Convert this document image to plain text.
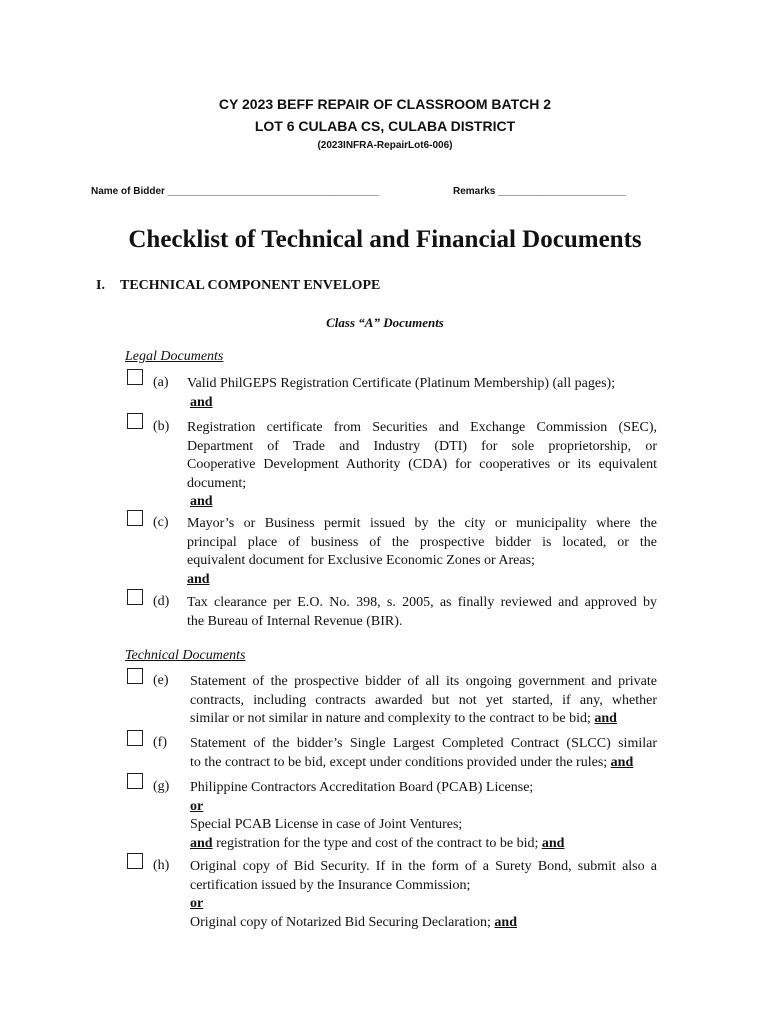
CY 2023 BEFF REPAIR OF CLASSROOM BATCH 2
LOT 6 CULABA CS, CULABA DISTRICT
(2023INFRA-RepairLot6-006)
Name of Bidder ______________________________________	Remarks _______________________
Checklist of Technical and Financial Documents
I. TECHNICAL COMPONENT ENVELOPE
Class “A” Documents
Legal Documents
(a) Valid PhilGEPS Registration Certificate (Platinum Membership) (all pages);
and
(b) Registration certificate from Securities and Exchange Commission (SEC),
Department of Trade and Industry (DTI) for sole proprietorship, or
Cooperative Development Authority (CDA) for cooperatives or its equivalent
document;
and
(c) Mayor’s or Business permit issued by the city or municipality where the
principal place of business of the prospective bidder is located, or the
equivalent document for Exclusive Economic Zones or Areas;
and
(d) Tax clearance per E.O. No. 398, s. 2005, as finally reviewed and approved by
the Bureau of Internal Revenue (BIR).
Technical Documents
(e) Statement of the prospective bidder of all its ongoing government and private
contracts, including contracts awarded but not yet started, if any, whether
similar or not similar in nature and complexity to the contract to be bid; and
(f) Statement of the bidder’s Single Largest Completed Contract (SLCC) similar
to the contract to be bid, except under conditions provided under the rules; and
(g) Philippine Contractors Accreditation Board (PCAB) License;
or
Special PCAB License in case of Joint Ventures;
and registration for the type and cost of the contract to be bid; and
(h) Original copy of Bid Security. If in the form of a Surety Bond, submit also a
certification issued by the Insurance Commission;
or
Original copy of Notarized Bid Securing Declaration; and
